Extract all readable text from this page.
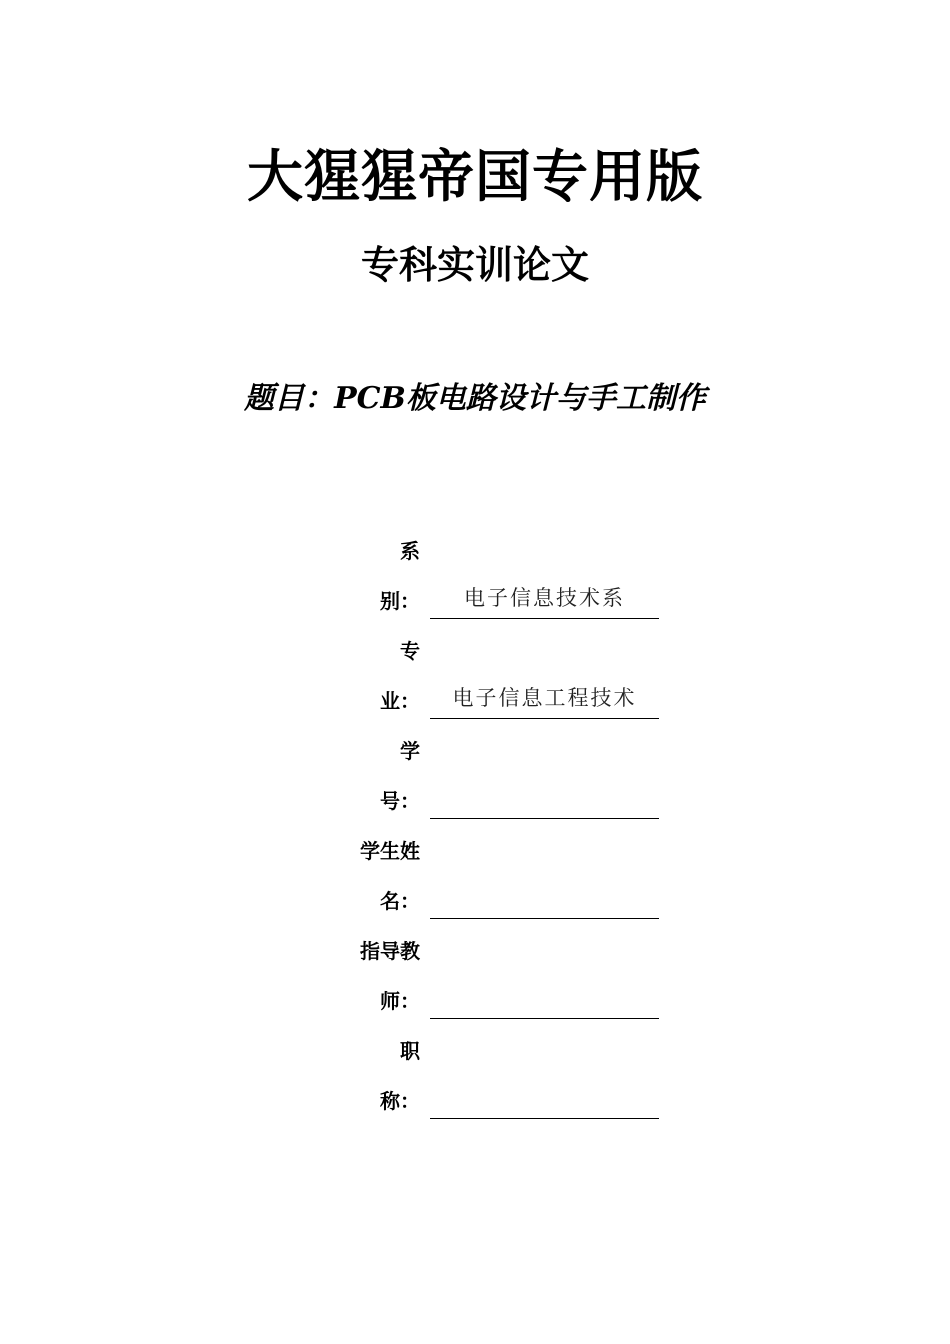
大猩猩帝国专用版
专科实训论文
题目：PCB板电路设计与手工制作
系
别：	电子信息技术系
专
业：	电子信息工程技术
学
号：
学生姓
名：
指导教
师：
职
称：
